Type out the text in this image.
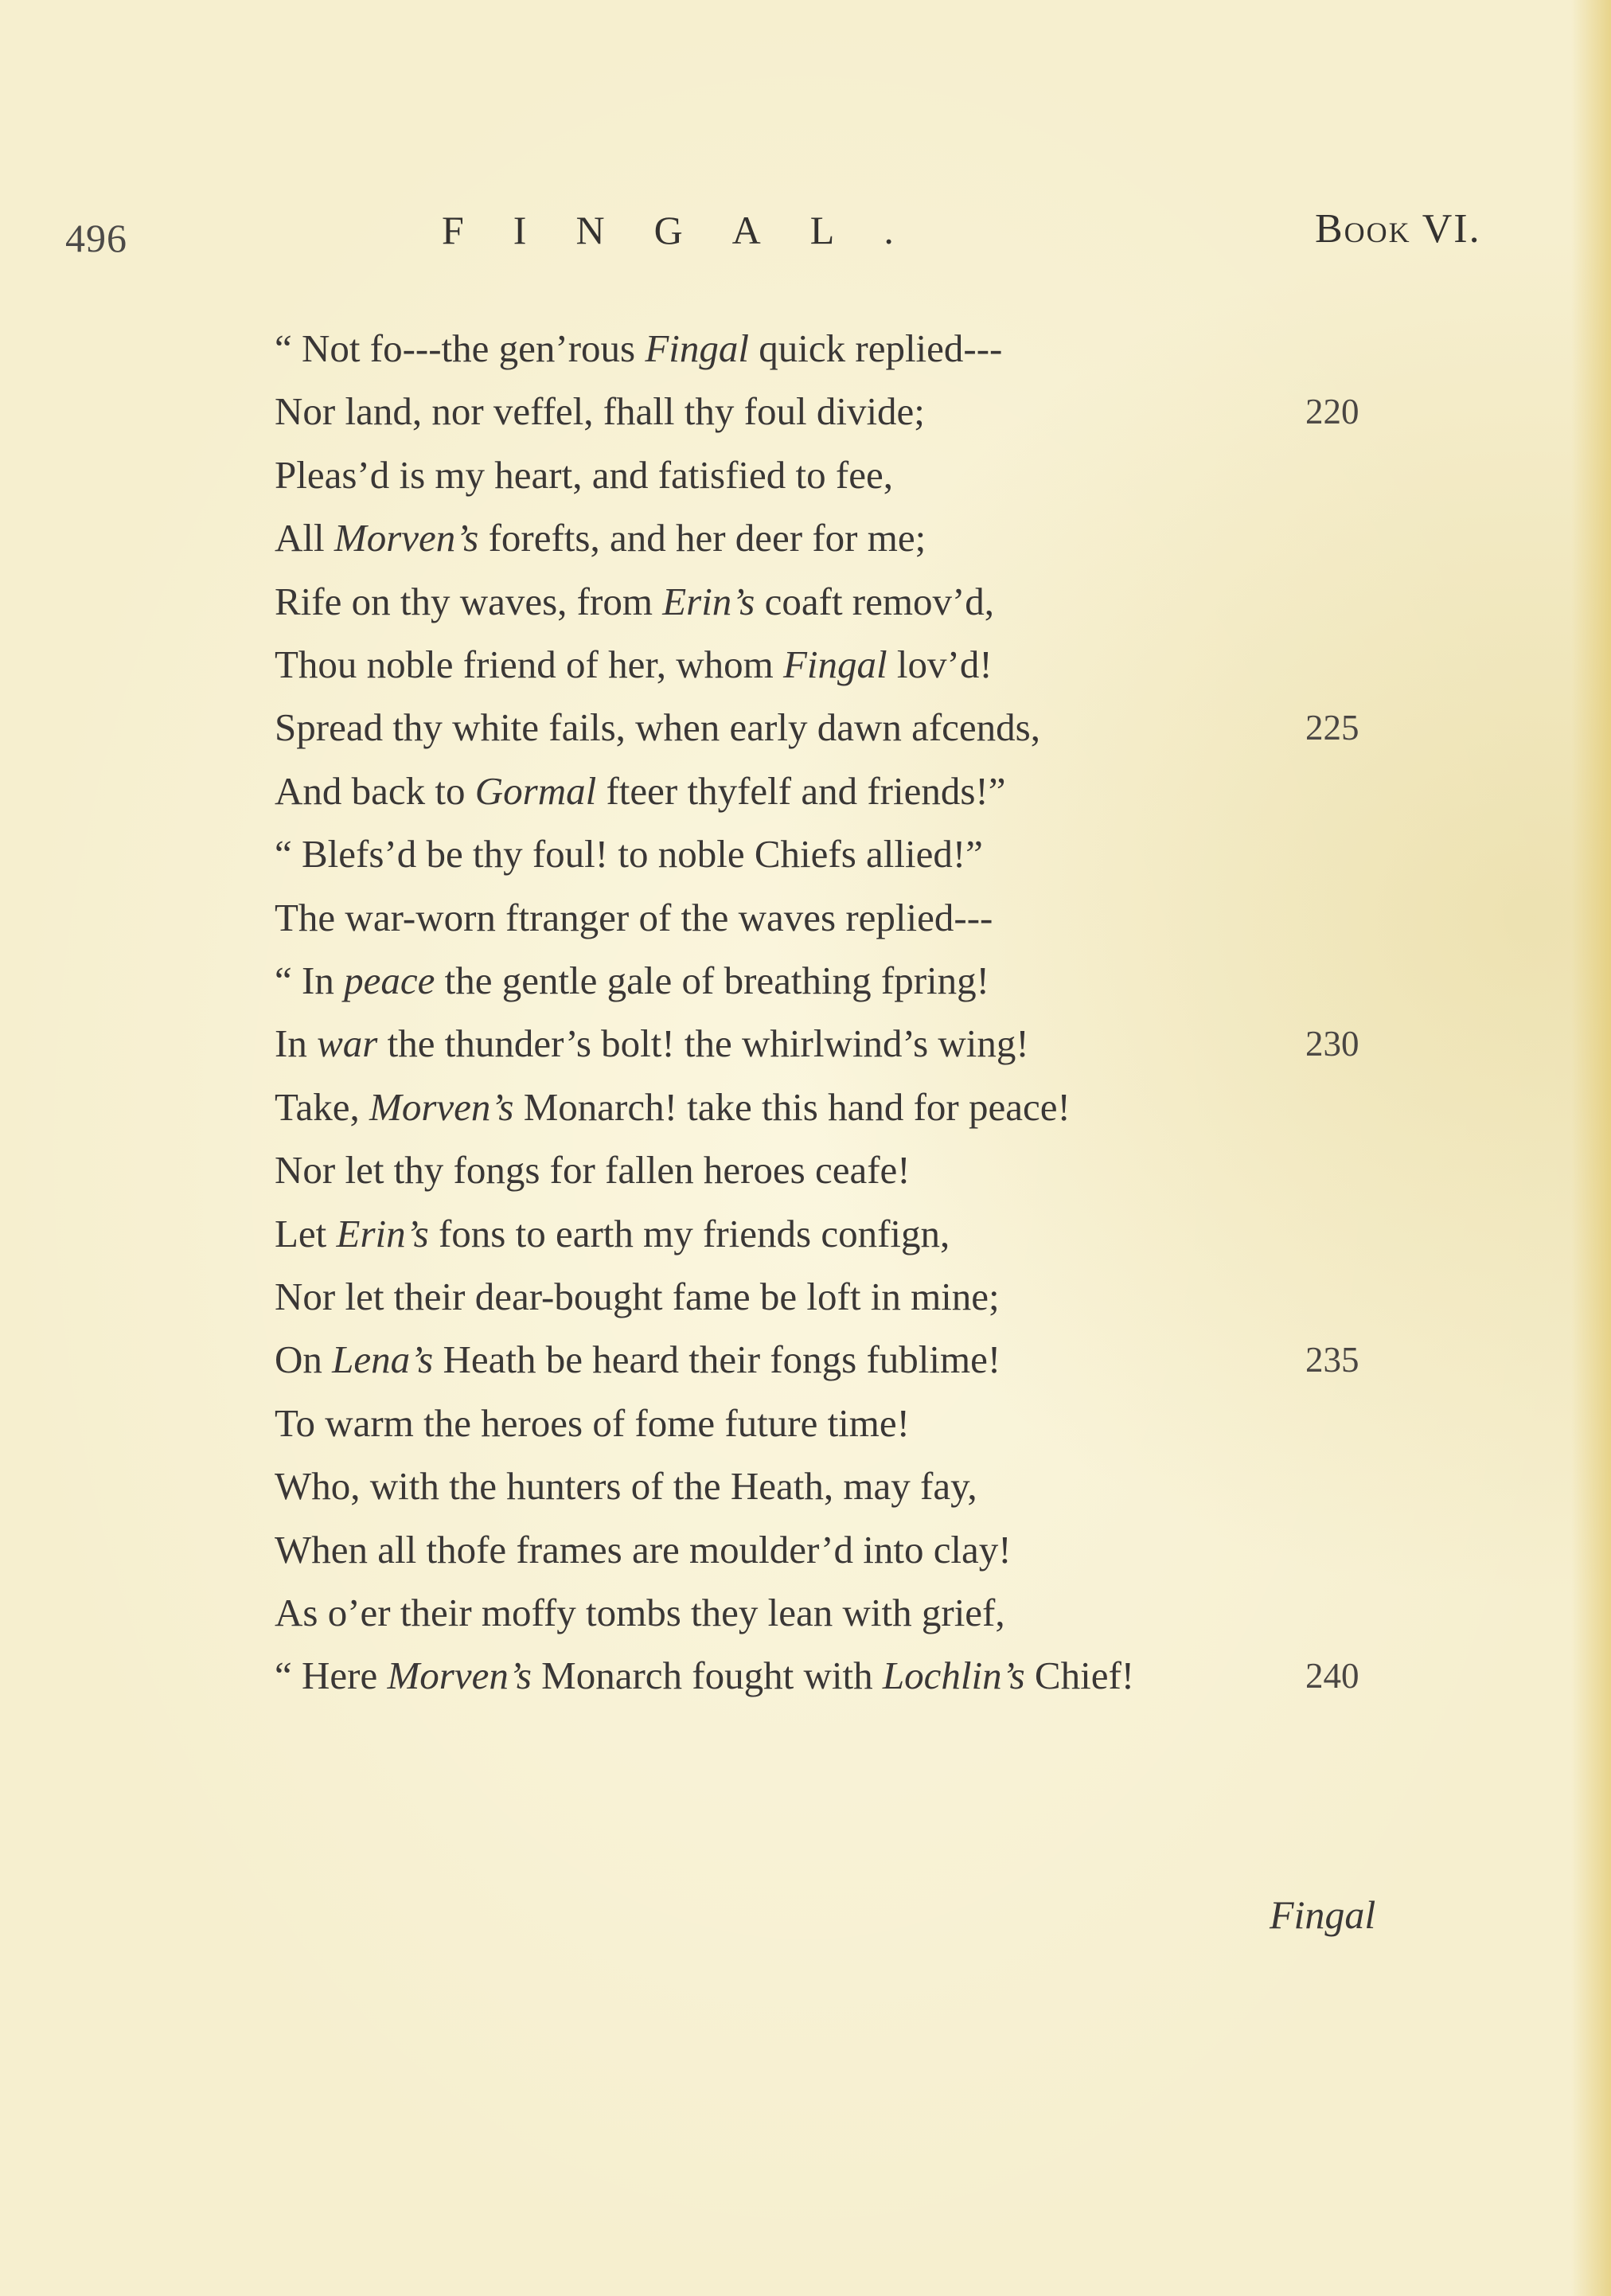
496	FINGAL.	Book VI.
“ Not fo---the gen’rous Fingal quick replied---
Nor land, nor veffel, fhall thy foul divide;
Pleas’d is my heart, and fatisfied to fee,
All Morven’s forefts, and her deer for me;
Rife on thy waves, from Erin’s coaft remov’d,
Thou noble friend of her, whom Fingal lov’d!
Spread thy white fails, when early dawn afcends,
And back to Gormal fteer thyfelf and friends!”
“ Blefs’d be thy foul! to noble Chiefs allied!”
The war-worn ftranger of the waves replied---
“ In peace the gentle gale of breathing fpring!
In war the thunder’s bolt! the whirlwind’s wing!
Take, Morven’s Monarch! take this hand for peace!
Nor let thy fongs for fallen heroes ceafe!
Let Erin’s fons to earth my friends confign,
Nor let their dear-bought fame be loft in mine;
On Lena’s Heath be heard their fongs fublime!
To warm the heroes of fome future time!
Who, with the hunters of the Heath, may fay,
When all thofe frames are moulder’d into clay!
As o’er their moffy tombs they lean with grief,
“ Here Morven’s Monarch fought with Lochlin’s Chief!
Fingal
220
225
230
235
240
